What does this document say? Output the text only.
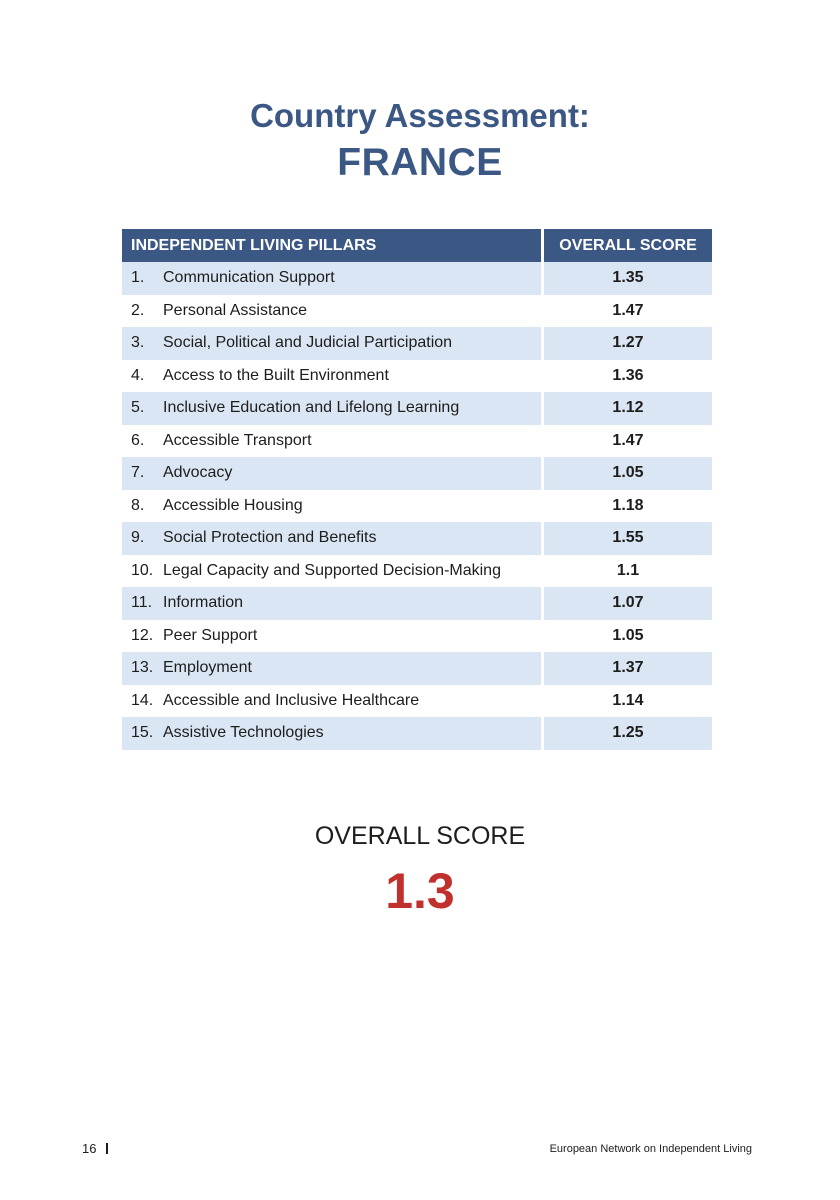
Country Assessment:
FRANCE
INDEPENDENT LIVING PILLARS	OVERALL SCORE
1. Communication Support	1.35
2. Personal Assistance	1.47
3. Social, Political and Judicial Participation	1.27
4. Access to the Built Environment	1.36
5. Inclusive Education and Lifelong Learning	1.12
6. Accessible Transport	1.47
7. Advocacy	1.05
8. Accessible Housing	1.18
9. Social Protection and Benefits	1.55
10. Legal Capacity and Supported Decision-Making	1.1
11. Information	1.07
12. Peer Support	1.05
13. Employment	1.37
14. Accessible and Inclusive Healthcare	1.14
15. Assistive Technologies	1.25
OVERALL SCORE
1.3
16	European Network on Independent Living
